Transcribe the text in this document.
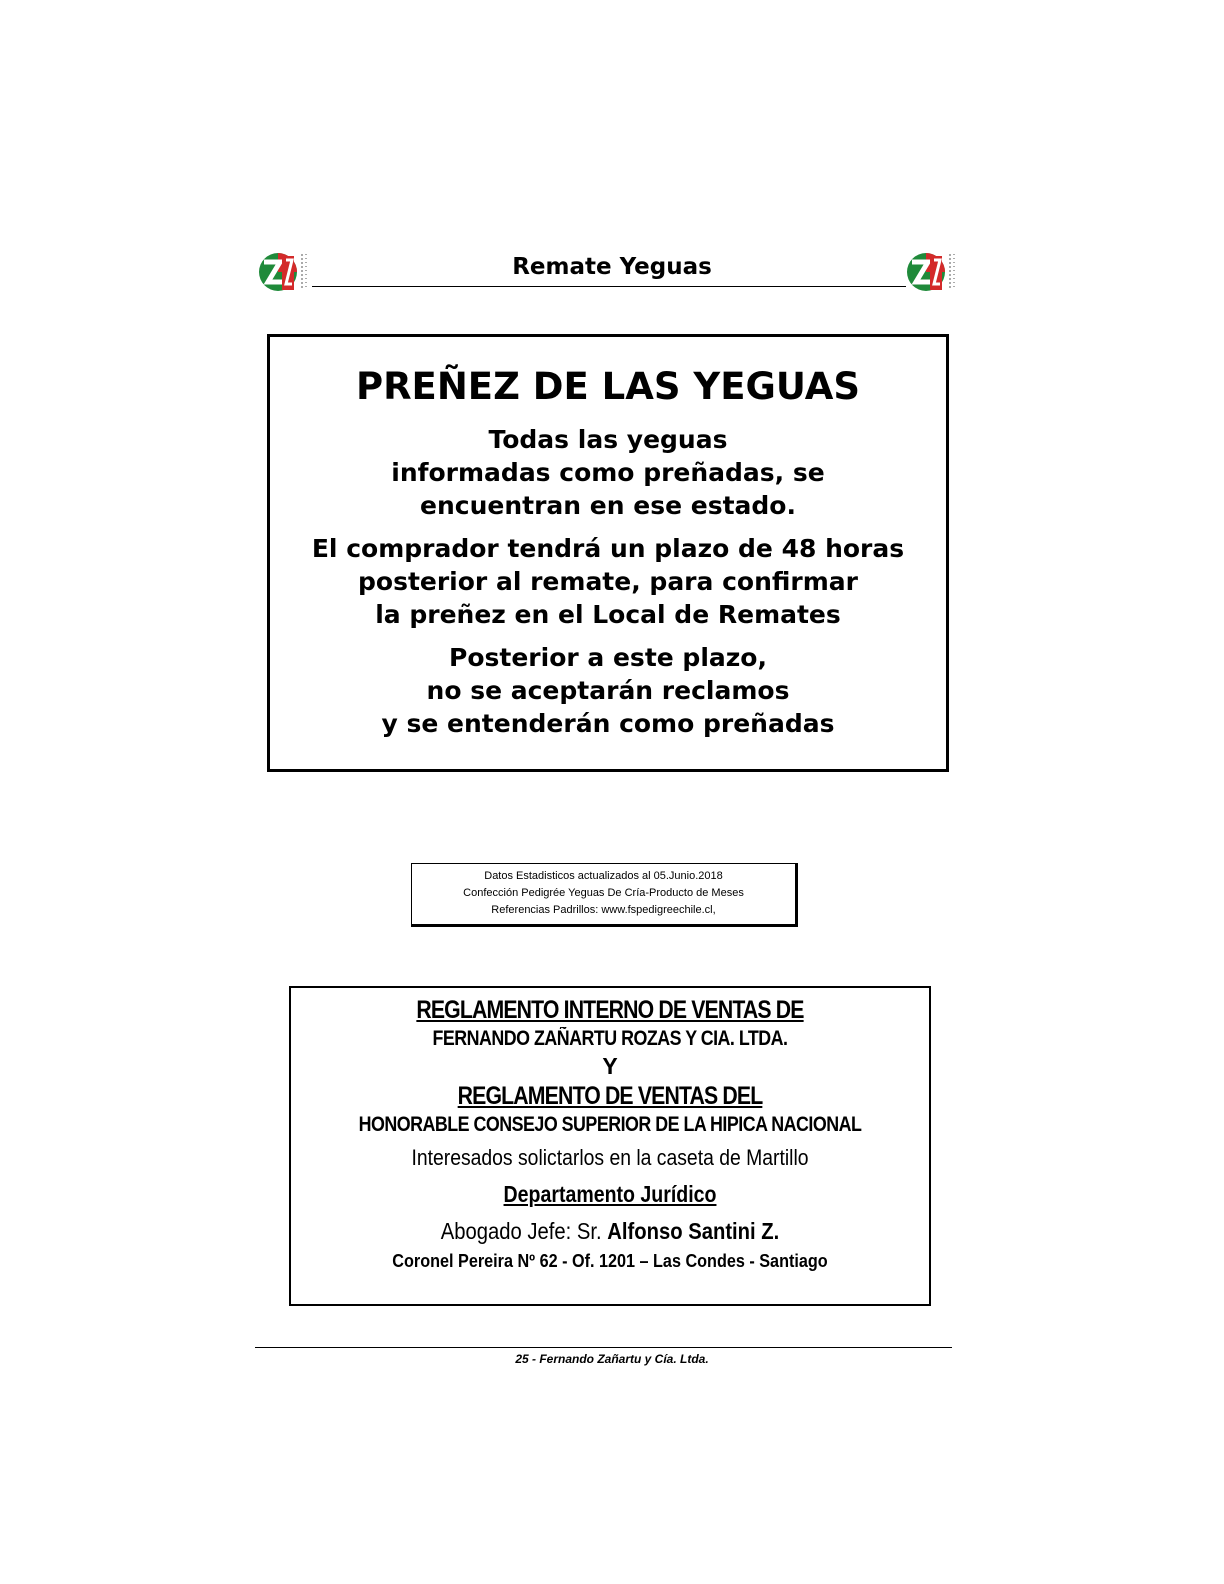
Remate Yeguas
PREÑEZ DE LAS YEGUAS
Todas las yeguas
informadas como preñadas, se
encuentran en ese estado.
El comprador tendrá un plazo de 48 horas
posterior al remate, para confirmar
la preñez en el Local de Remates
Posterior a este plazo,
no se aceptarán reclamos
y se entenderán como preñadas
Datos Estadisticos actualizados al 05.Junio.2018
Confección Pedigrée Yeguas De Cría-Producto de Meses
Referencias Padrillos: www.fspedigreechile.cl,
REGLAMENTO INTERNO DE VENTAS DE
FERNANDO ZAÑARTU ROZAS Y CIA. LTDA.
Y
REGLAMENTO DE VENTAS DEL
HONORABLE CONSEJO SUPERIOR DE LA HIPICA NACIONAL
Interesados solictarlos en la caseta de Martillo
Departamento Jurídico
Abogado Jefe: Sr. Alfonso Santini Z.
Coronel Pereira Nº 62 - Of. 1201 – Las Condes - Santiago
25 - Fernando Zañartu y Cía. Ltda.
